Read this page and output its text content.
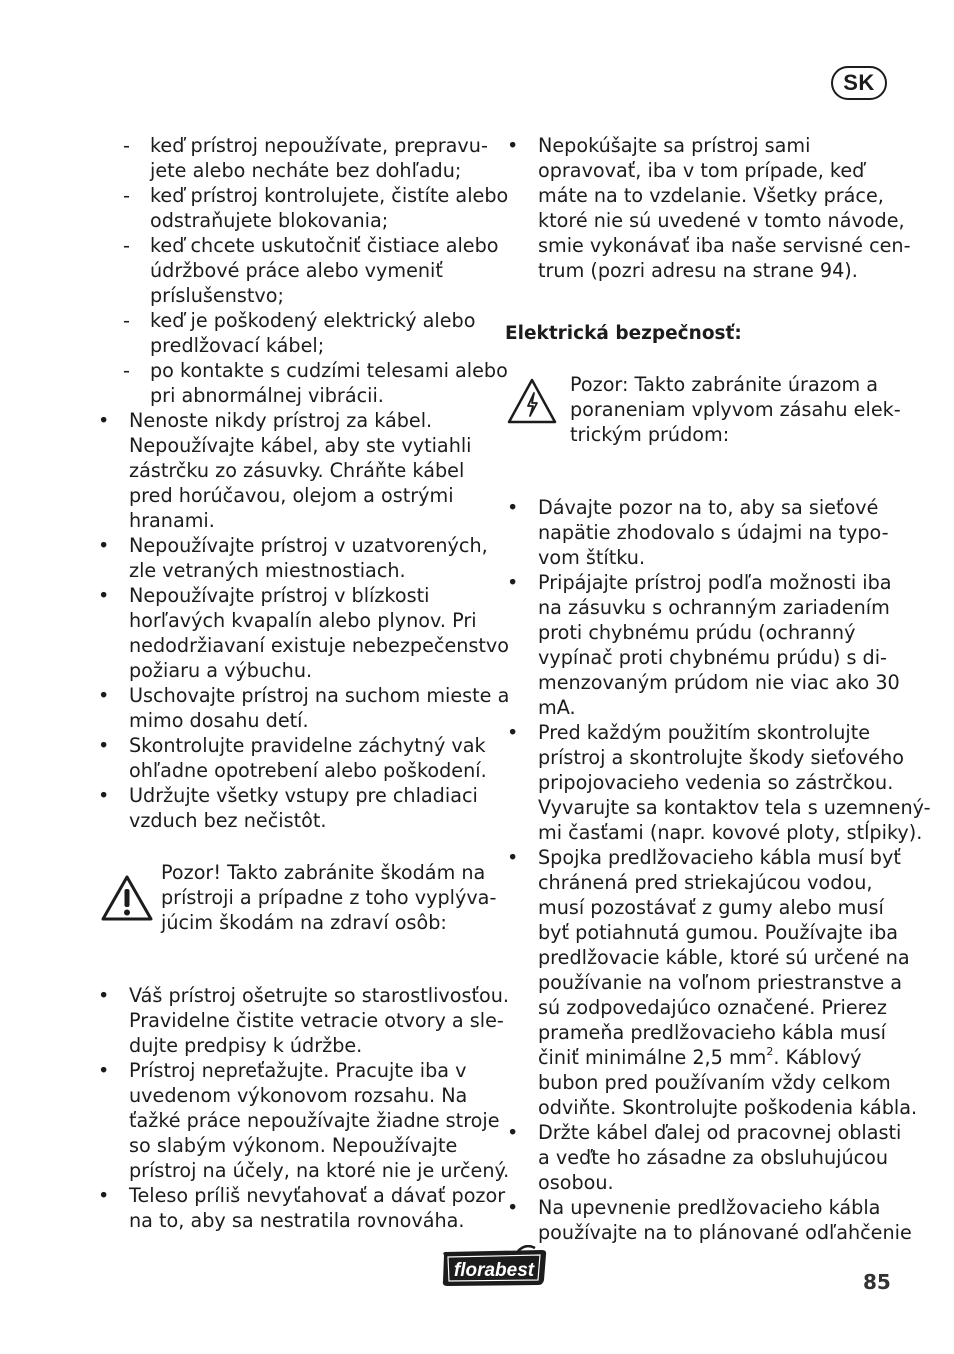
SK
- keď prístroj nepoužívate, prepravu-
jete alebo necháte bez dohľadu;
- keď prístroj kontrolujete, čistíte alebo
odstraňujete blokovania;
- keď chcete uskutočniť čistiace alebo
údržbové práce alebo vymeniť
príslušenstvo;
- keď je poškodený elektrický alebo
predlžovací kábel;
- po kontakte s cudzími telesami alebo
pri abnormálnej vibrácii.
• Nenoste nikdy prístroj za kábel.
Nepoužívajte kábel, aby ste vytiahli
zástrčku zo zásuvky. Chráňte kábel
pred horúčavou, olejom a ostrými
hranami.
• Nepoužívajte prístroj v uzatvorených,
zle vetraných miestnostiach.
• Nepoužívajte prístroj v blízkosti
horľavých kvapalín alebo plynov. Pri
nedodržiavaní existuje nebezpečenstvo
požiaru a výbuchu.
• Uschovajte prístroj na suchom mieste a
mimo dosahu detí.
• Skontrolujte pravidelne záchytný vak
ohľadne opotrebení alebo poškodení.
• Udržujte všetky vstupy pre chladiaci
vzduch bez nečistôt.
Pozor! Takto zabránite škodám na
prístroji a prípadne z toho vyplýva-
júcim škodám na zdraví osôb:
• Váš prístroj ošetrujte so starostlivosťou.
Pravidelne čistite vetracie otvory a sle-
dujte predpisy k údržbe.
• Prístroj nepreťažujte. Pracujte iba v
uvedenom výkonovom rozsahu. Na
ťažké práce nepoužívajte žiadne stroje
so slabým výkonom. Nepoužívajte
prístroj na účely, na ktoré nie je určený.
• Teleso príliš nevyťahovať a dávať pozor
na to, aby sa nestratila rovnováha.
• Nepokúšajte sa prístroj sami
opravovať, iba v tom prípade, keď
máte na to vzdelanie. Všetky práce,
ktoré nie sú uvedené v tomto návode,
smie vykonávať iba naše servisné cen-
trum (pozri adresu na strane 94).
Elektrická bezpečnosť:
Pozor: Takto zabránite úrazom a
poraneniam vplyvom zásahu elek-
trickým prúdom:
• Dávajte pozor na to, aby sa sieťové
napätie zhodovalo s údajmi na typo-
vom štítku.
• Pripájajte prístroj podľa možnosti iba
na zásuvku s ochranným zariadením
proti chybnému prúdu (ochranný
vypínač proti chybnému prúdu) s di-
menzovaným prúdom nie viac ako 30
mA.
• Pred každým použitím skontrolujte
prístroj a skontrolujte škody sieťového
pripojovacieho vedenia so zástrčkou.
Vyvarujte sa kontaktov tela s uzemnený-
mi časťami (napr. kovové ploty, stĺpiky).
• Spojka predlžovacieho kábla musí byť
chránená pred striekajúcou vodou,
musí pozostávať z gumy alebo musí
byť potiahnutá gumou. Používajte iba
predlžovacie káble, ktoré sú určené na
používanie na voľnom priestranstve a
sú zodpovedajúco označené. Prierez
prameňa predlžovacieho kábla musí
činiť minimálne 2,5 $mm^2$. Káblový
bubon pred používaním vždy celkom
odviňte. Skontrolujte poškodenia kábla.
• Držte kábel ďalej od pracovnej oblasti
a veďte ho zásadne za obsluhujúcou
osobou.
• Na upevnenie predlžovacieho kábla
používajte na to plánované odľahčenie
florabest	85
